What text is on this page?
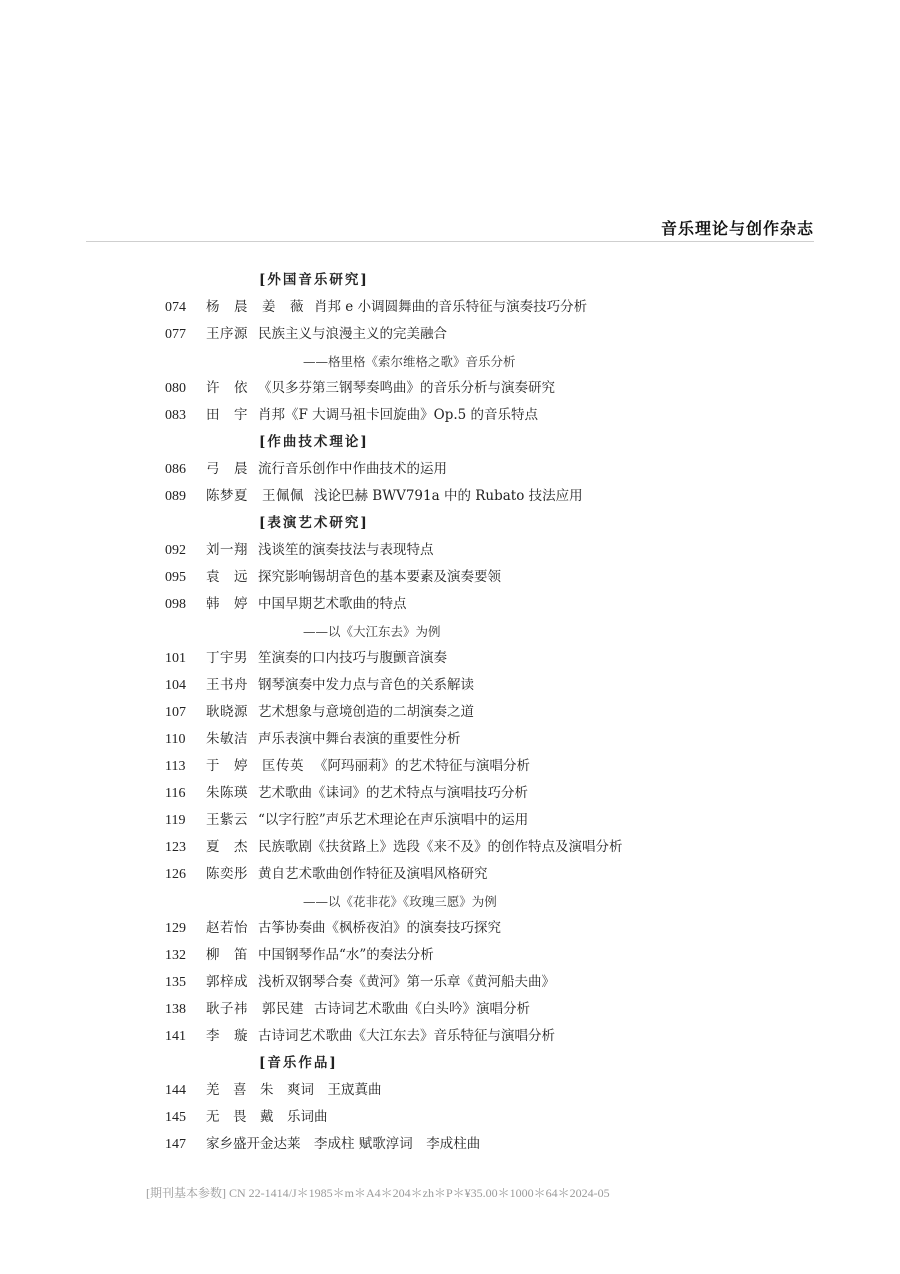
音乐理论与创作杂志
[外国音乐研究]
074 杨　晨　姜　薇 肖邦 e 小调圆舞曲的音乐特征与演奏技巧分析
077 王序源 民族主义与浪漫主义的完美融合
——格里格《索尔维格之歌》音乐分析
080 许　依 《贝多芬第三钢琴奏鸣曲》的音乐分析与演奏研究
083 田　宇 肖邦《F 大调马祖卡回旋曲》Op.5 的音乐特点
[作曲技术理论]
086 弓　晨 流行音乐创作中作曲技术的运用
089 陈梦夏　王佩佩 浅论巴赫 BWV791a 中的 Rubato 技法应用
[表演艺术研究]
092 刘一翔 浅谈笙的演奏技法与表现特点
095 袁　远 探究影响锡胡音色的基本要素及演奏要领
098 韩　婷 中国早期艺术歌曲的特点
——以《大江东去》为例
101 丁宇男 笙演奏的口内技巧与腹颤音演奏
104 王书舟 钢琴演奏中发力点与音色的关系解读
107 耿晓源 艺术想象与意境创造的二胡演奏之道
110 朱敏洁 声乐表演中舞台表演的重要性分析
113 于　婷　匡传英 《阿玛丽莉》的艺术特征与演唱分析
116 朱陈瑛 艺术歌曲《诔词》的艺术特点与演唱技巧分析
119 王紫云 “以字行腔”声乐艺术理论在声乐演唱中的运用
123 夏　杰 民族歌剧《扶贫路上》选段《来不及》的创作特点及演唱分析
126 陈奕彤 黄自艺术歌曲创作特征及演唱风格研究
——以《花非花》《玫瑰三愿》为例
129 赵若怡 古筝协奏曲《枫桥夜泊》的演奏技巧探究
132 柳　笛 中国钢琴作品“水”的奏法分析
135 郭梓成 浅析双钢琴合奏《黄河》第一乐章《黄河船夫曲》
138 耿子祎　郭民建 古诗词艺术歌曲《白头吟》演唱分析
141 李　璇 古诗词艺术歌曲《大江东去》音乐特征与演唱分析
[音乐作品]
144 羌　喜　朱　爽词　王宬蒖曲
145 无　畏　戴　乐词曲
147 家乡盛开金达莱　李成柱 赋歌淳词　李成柱曲
[期刊基本参数] CN 22-1414/J＊1985＊m＊A4＊204＊zh＊P＊¥35.00＊1000＊64＊2024-05
